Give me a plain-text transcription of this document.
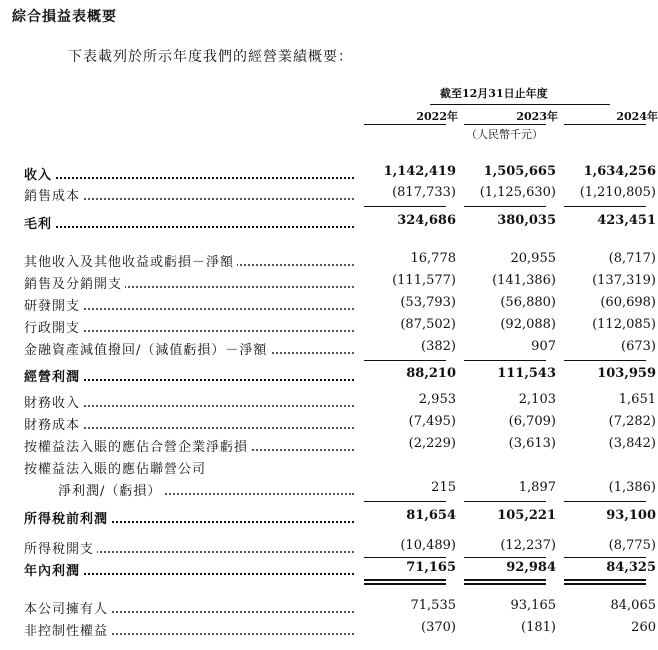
綜合損益表概要
下表載列於所示年度我們的經營業績概要：
截至12月31日止年度
2022年	2023年	2024年
（人民幣千元）
收入	1,142,419	1,505,665	1,634,256
銷售成本	(817,733)	(1,125,630)	(1,210,805)
毛利	324,686	380,035	423,451
其他收入及其他收益或虧損－淨額	16,778	20,955	(8,717)
銷售及分銷開支	(111,577)	(141,386)	(137,319)
研發開支	(53,793)	(56,880)	(60,698)
行政開支	(87,502)	(92,088)	(112,085)
金融資產減值撥回/（減值虧損）－淨額	(382)	907	(673)
經營利潤	88,210	111,543	103,959
財務收入	2,953	2,103	1,651
財務成本	(7,495)	(6,709)	(7,282)
按權益法入賬的應佔合營企業淨虧損	(2,229)	(3,613)	(3,842)
按權益法入賬的應佔聯營公司
淨利潤/（虧損）	215	1,897	(1,386)
所得稅前利潤	81,654	105,221	93,100
所得稅開支	(10,489)	(12,237)	(8,775)
年內利潤	71,165	92,984	84,325
本公司擁有人	71,535	93,165	84,065
非控制性權益	(370)	(181)	260
